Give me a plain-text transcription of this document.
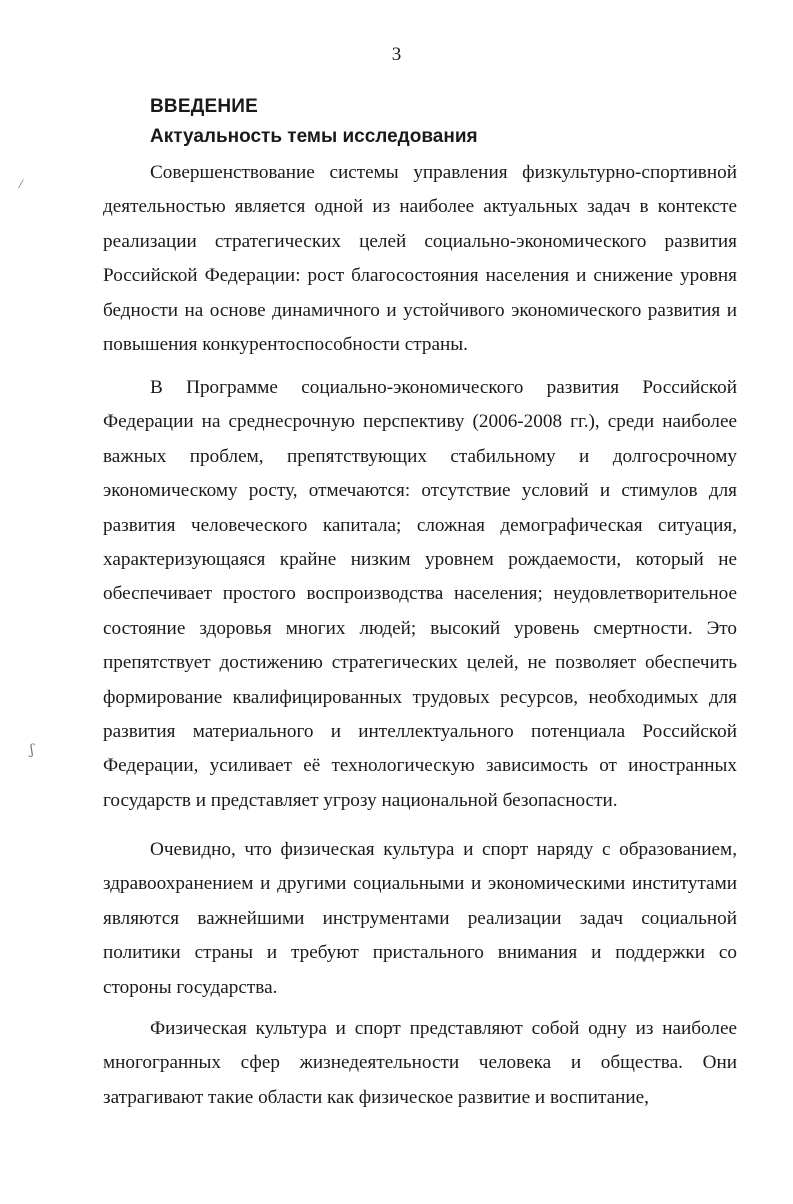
3
ВВЕДЕНИЕ
Актуальность темы исследования
⁄
ʃ

Совершенствование системы управления физкультурно-спортивной деятельностью является одной из наиболее актуальных задач в контексте реализации стратегических целей социально-экономического развития Российской Федерации: рост благосостояния населения и снижение уровня бедности на основе динамичного и устойчивого экономического развития и повышения конкурентоспособности страны.

В Программе социально-экономического развития Российской Федерации на среднесрочную перспективу (2006-2008 гг.), среди наиболее важных проблем, препятствующих стабильному и долгосрочному экономическому росту, отмечаются: отсутствие условий и стимулов для развития человеческого капитала; сложная демографическая ситуация, характеризующаяся крайне низким уровнем рождаемости, который не обеспечивает простого воспроизводства населения; неудовлетворительное состояние здоровья многих людей; высокий уровень смертности. Это препятствует достижению стратегических целей, не позволяет обеспечить формирование квалифицированных трудовых ресурсов, необходимых для развития материального и интеллектуального потенциала Российской Федерации, усиливает её технологическую зависимость от иностранных государств и представляет угрозу национальной безопасности.

Очевидно, что физическая культура и спорт наряду с образованием, здравоохранением и другими социальными и экономическими институтами являются важнейшими инструментами реализации задач социальной политики страны и требуют пристального внимания и поддержки со стороны государства.

Физическая культура и спорт представляют собой одну из наиболее многогранных сфер жизнедеятельности человека и общества. Они затрагивают такие области как физическое развитие и воспитание,
